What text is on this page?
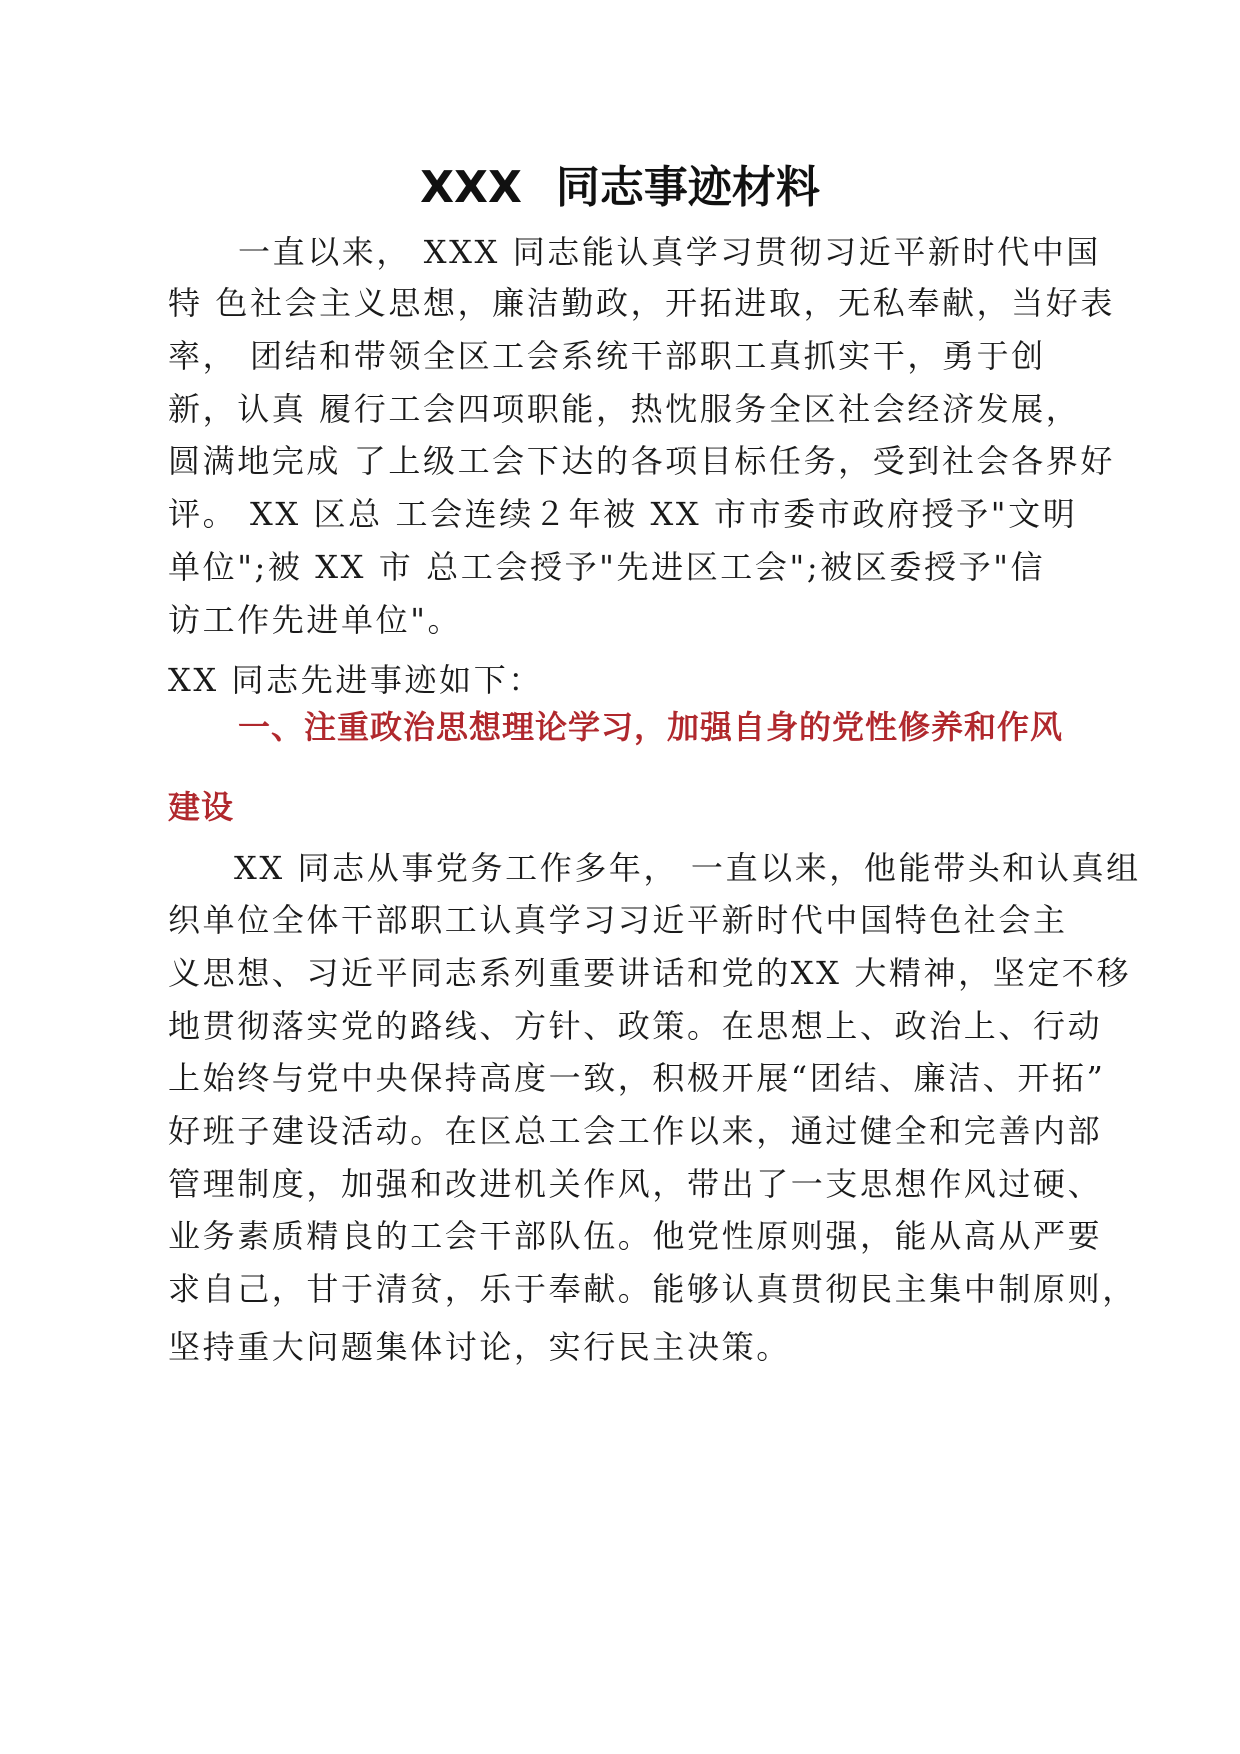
XXX 同志事迹材料
一直以来， XXX 同志能认真学习贯彻习近平新时代中国
特 色社会主义思想，廉洁勤政，开拓进取，无私奉献，当好表
率， 团结和带领全区工会系统干部职工真抓实干，勇于创
新，认真 履行工会四项职能，热忱服务全区社会经济发展，
圆满地完成 了上级工会下达的各项目标任务，受到社会各界好
评。 XX 区总 工会连续２年被 XX 市市委市政府授予"文明
单位";被 XX 市 总工会授予"先进区工会";被区委授予"信
访工作先进单位"。
XX 同志先进事迹如下：
一、注重政治思想理论学习，加强自身的党性修养和作风
建设
XX 同志从事党务工作多年， 一直以来，他能带头和认真组
织单位全体干部职工认真学习习近平新时代中国特色社会主
义思想、习近平同志系列重要讲话和党的XX 大精神，坚定不移
地贯彻落实党的路线、方针、政策。在思想上、政治上、行动
上始终与党中央保持高度一致，积极开展“团结、廉洁、开拓”
好班子建设活动。在区总工会工作以来，通过健全和完善内部
管理制度，加强和改进机关作风，带出了一支思想作风过硬、
业务素质精良的工会干部队伍。他党性原则强，能从高从严要
求自己，甘于清贫，乐于奉献。能够认真贯彻民主集中制原则，
坚持重大问题集体讨论，实行民主决策。
